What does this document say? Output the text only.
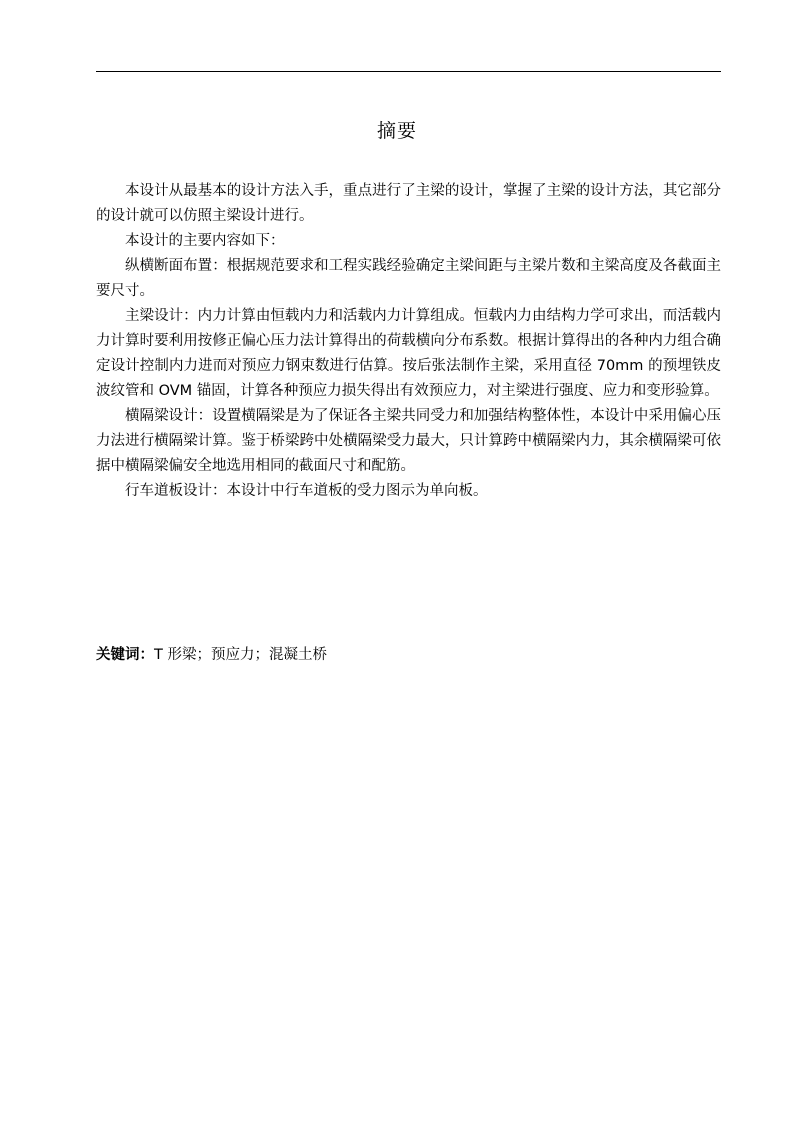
摘要

本设计从最基本的设计方法入手，重点进行了主梁的设计，掌握了主梁的设计方法，其它部分的设计就可以仿照主梁设计进行。

本设计的主要内容如下：

纵横断面布置：根据规范要求和工程实践经验确定主梁间距与主梁片数和主梁高度及各截面主要尺寸。

主梁设计：内力计算由恒载内力和活载内力计算组成。恒载内力由结构力学可求出，而活载内力计算时要利用按修正偏心压力法计算得出的荷载横向分布系数。根据计算得出的各种内力组合确定设计控制内力进而对预应力钢束数进行估算。按后张法制作主梁，采用直径 70mm 的预埋铁皮波纹管和 OVM 锚固，计算各种预应力损失得出有效预应力，对主梁进行强度、应力和变形验算。

横隔梁设计：设置横隔梁是为了保证各主梁共同受力和加强结构整体性，本设计中采用偏心压力法进行横隔梁计算。鉴于桥梁跨中处横隔梁受力最大，只计算跨中横隔梁内力，其余横隔梁可依据中横隔梁偏安全地选用相同的截面尺寸和配筋。

行车道板设计：本设计中行车道板的受力图示为单向板。

关键词：T 形梁；预应力；混凝土桥
